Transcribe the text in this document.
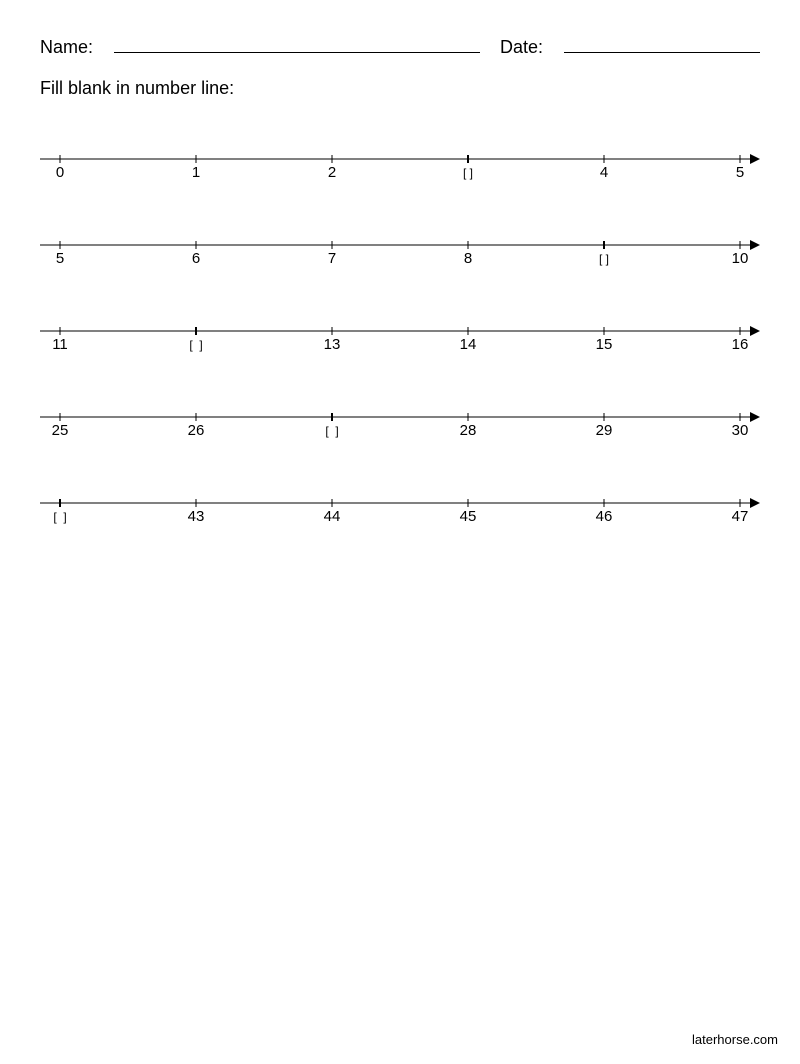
Name:	Date:
Fill blank in number line:
0	1	2	[ ]	4	5
5	6	7	8	[ ]	10
11	[  ]	13	14	15	16
25	26	[  ]	28	29	30
[  ]	43	44	45	46	47
laterhorse.com
